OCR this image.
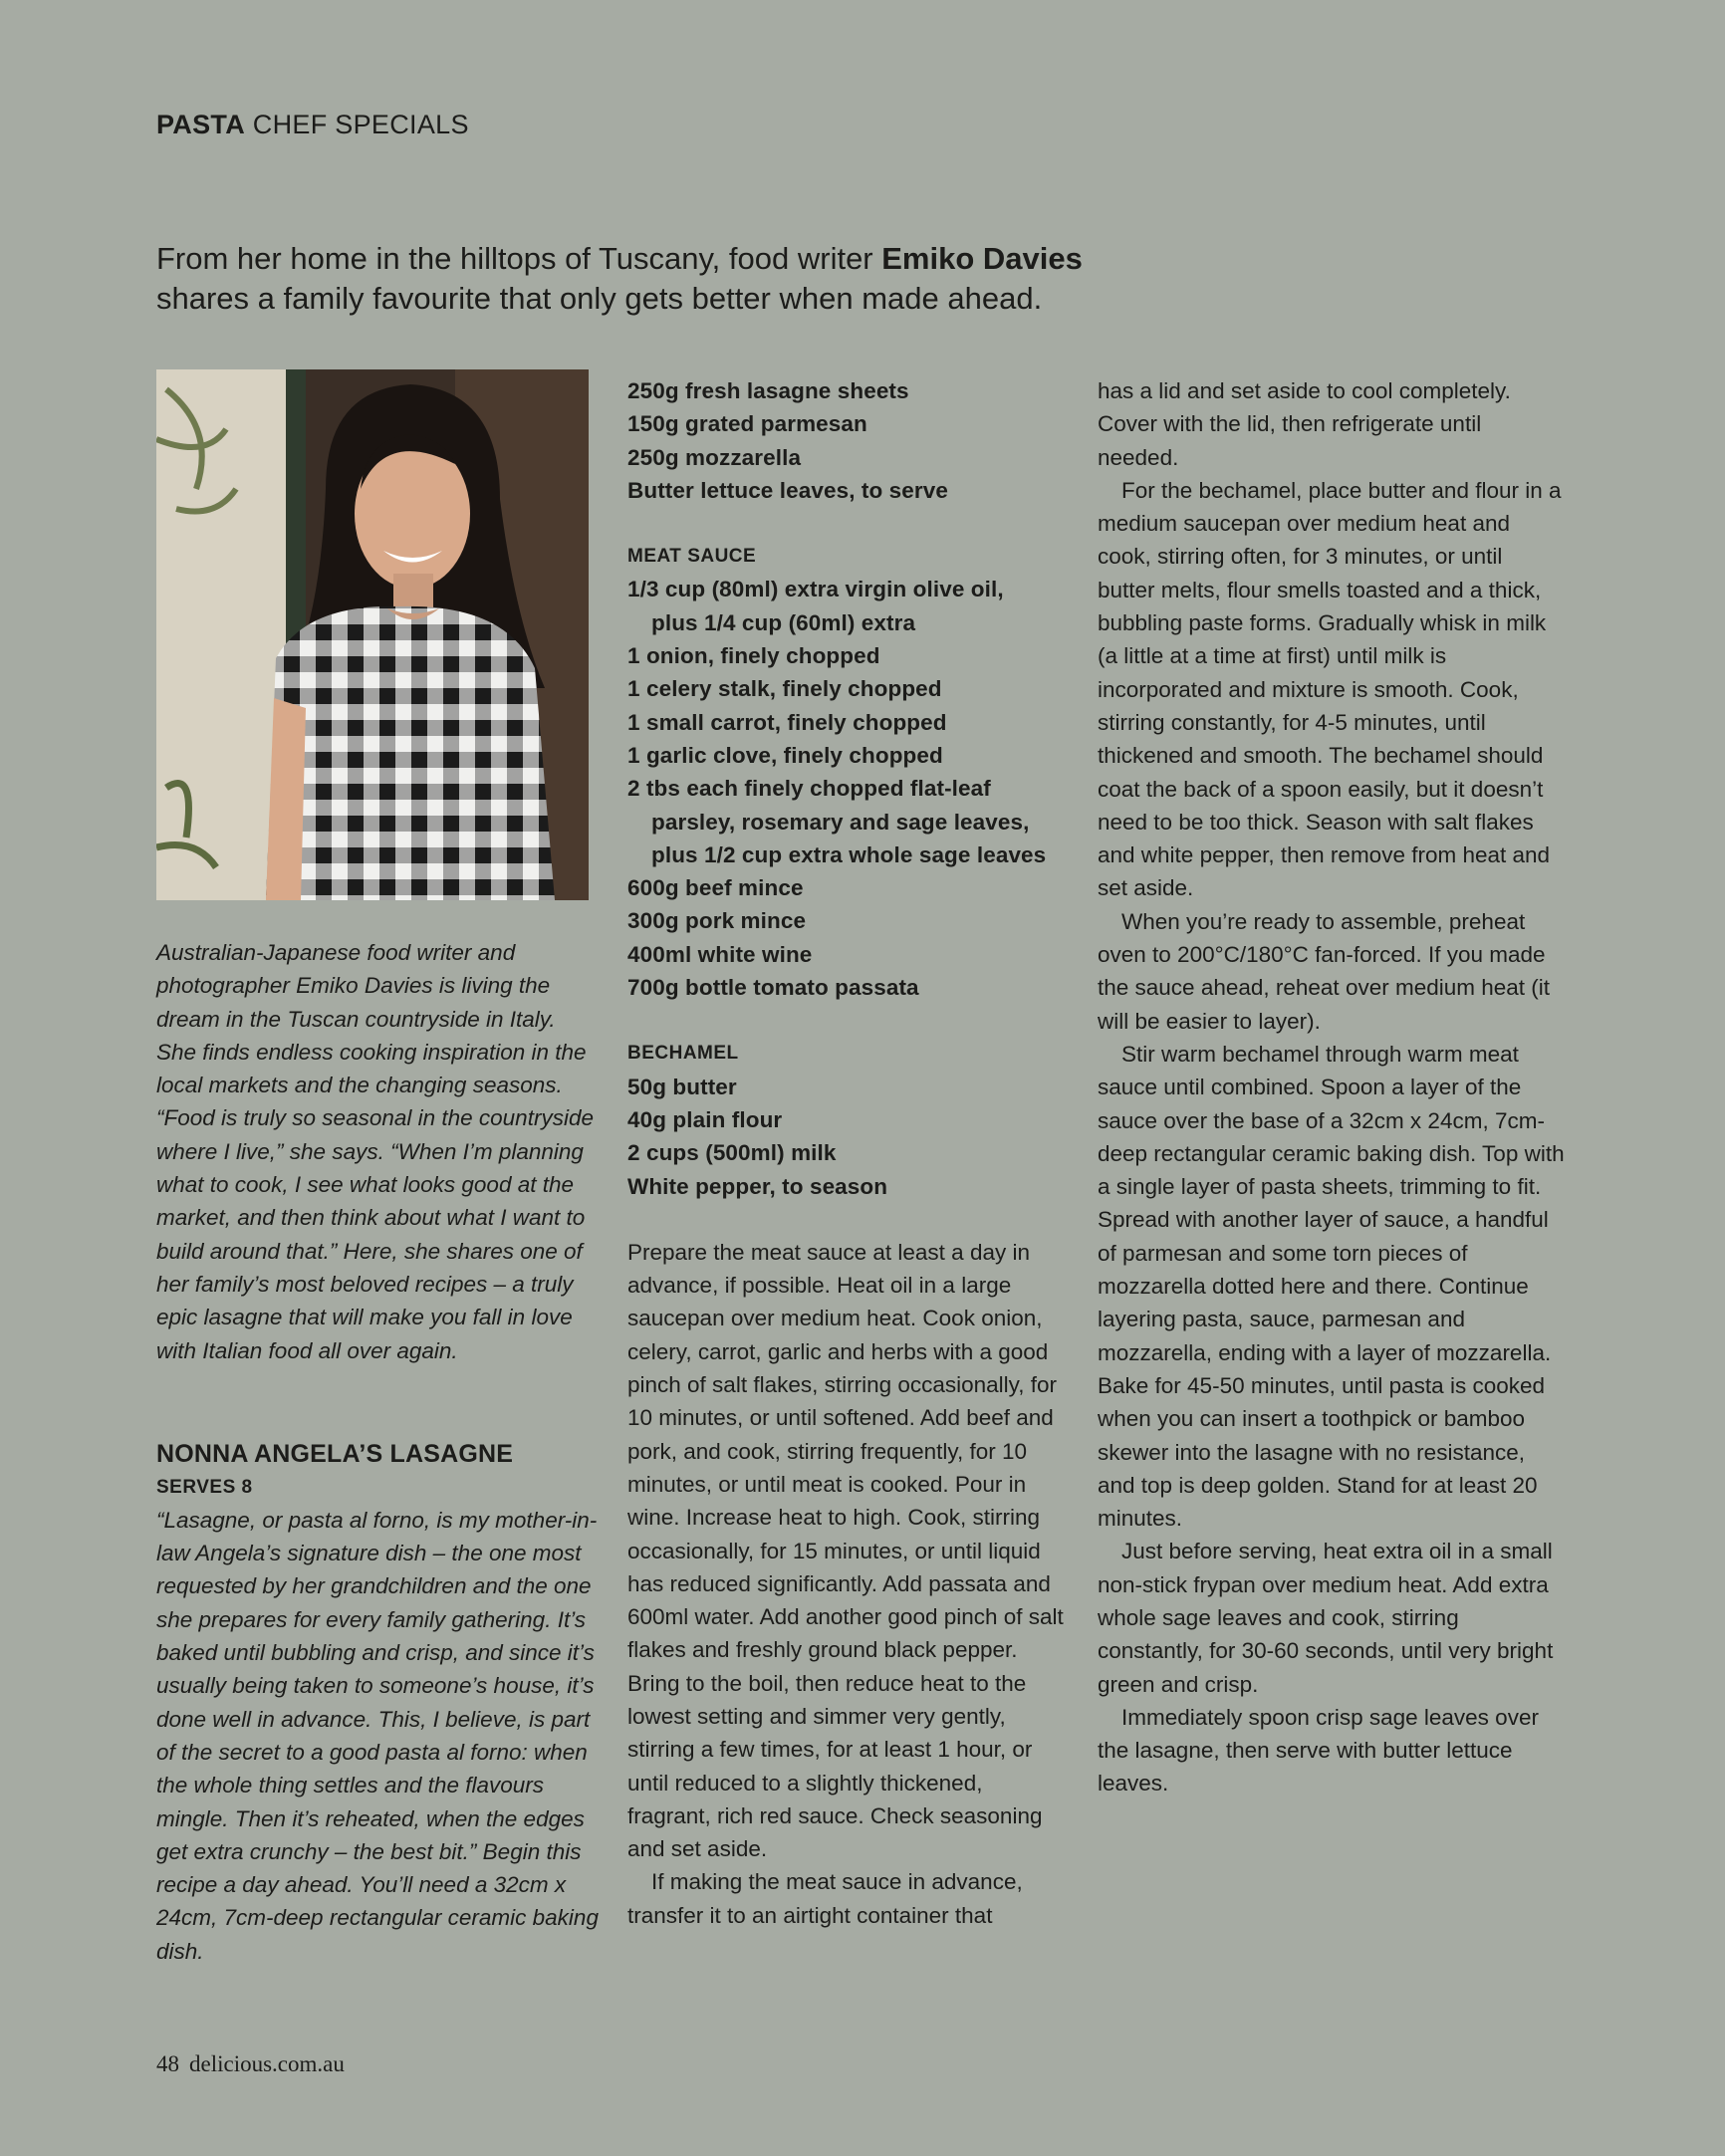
PASTA CHEF SPECIALS
From her home in the hilltops of Tuscany, food writer Emiko Davies shares a family favourite that only gets better when made ahead.
Australian-Japanese food writer and photographer Emiko Davies is living the dream in the Tuscan countryside in Italy. She finds endless cooking inspiration in the local markets and the changing seasons. “Food is truly so seasonal in the countryside where I live,” she says. “When I’m planning what to cook, I see what looks good at the market, and then think about what I want to build around that.” Here, she shares one of her family’s most beloved recipes – a truly epic lasagne that will make you fall in love with Italian food all over again.
NONNA ANGELA’S LASAGNE
SERVES 8
“Lasagne, or pasta al forno, is my mother-in-law Angela’s signature dish – the one most requested by her grandchildren and the one she prepares for every family gathering. It’s baked until bubbling and crisp, and since it’s usually being taken to someone’s house, it’s done well in advance. This, I believe, is part of the secret to a good pasta al forno: when the whole thing settles and the flavours mingle. Then it’s reheated, when the edges get extra crunchy – the best bit.” Begin this recipe a day ahead. You’ll need a 32cm x 24cm, 7cm-deep rectangular ceramic baking dish.
250g fresh lasagne sheets
150g grated parmesan
250g mozzarella
Butter lettuce leaves, to serve
MEAT SAUCE
1/3 cup (80ml) extra virgin olive oil,
plus 1/4 cup (60ml) extra
1 onion, finely chopped
1 celery stalk, finely chopped
1 small carrot, finely chopped
1 garlic clove, finely chopped
2 tbs each finely chopped flat-leaf
parsley, rosemary and sage leaves,
plus 1/2 cup extra whole sage leaves
600g beef mince
300g pork mince
400ml white wine
700g bottle tomato passata
BECHAMEL
50g butter
40g plain flour
2 cups (500ml) milk
White pepper, to season

Prepare the meat sauce at least a day in advance, if possible. Heat oil in a large saucepan over medium heat. Cook onion, celery, carrot, garlic and herbs with a good pinch of salt flakes, stirring occasionally, for 10 minutes, or until softened. Add beef and pork, and cook, stirring frequently, for 10 minutes, or until meat is cooked. Pour in wine. Increase heat to high. Cook, stirring occasionally, for 15 minutes, or until liquid has reduced significantly. Add passata and 600ml water. Add another good pinch of salt flakes and freshly ground black pepper. Bring to the boil, then reduce heat to the lowest setting and simmer very gently, stirring a few times, for at least 1 hour, or until reduced to a slightly thickened, fragrant, rich red sauce. Check seasoning and set aside.

If making the meat sauce in advance, transfer it to an airtight container that

has a lid and set aside to cool completely. Cover with the lid, then refrigerate until needed.

For the bechamel, place butter and flour in a medium saucepan over medium heat and cook, stirring often, for 3 minutes, or until butter melts, flour smells toasted and a thick, bubbling paste forms. Gradually whisk in milk (a little at a time at first) until milk is incorporated and mixture is smooth. Cook, stirring constantly, for 4-5 minutes, until thickened and smooth. The bechamel should coat the back of a spoon easily, but it doesn’t need to be too thick. Season with salt flakes and white pepper, then remove from heat and set aside.

When you’re ready to assemble, preheat oven to 200°C/180°C fan-forced. If you made the sauce ahead, reheat over medium heat (it will be easier to layer).

Stir warm bechamel through warm meat sauce until combined. Spoon a layer of the sauce over the base of a 32cm x 24cm, 7cm-deep rectangular ceramic baking dish. Top with a single layer of pasta sheets, trimming to fit. Spread with another layer of sauce, a handful of parmesan and some torn pieces of mozzarella dotted here and there. Continue layering pasta, sauce, parmesan and mozzarella, ending with a layer of mozzarella. Bake for 45-50 minutes, until pasta is cooked when you can insert a toothpick or bamboo skewer into the lasagne with no resistance, and top is deep golden. Stand for at least 20 minutes.

Just before serving, heat extra oil in a small non-stick frypan over medium heat. Add extra whole sage leaves and cook, stirring constantly, for 30-60 seconds, until very bright green and crisp.

Immediately spoon crisp sage leaves over the lasagne, then serve with butter lettuce leaves.

48 delicious.com.au
